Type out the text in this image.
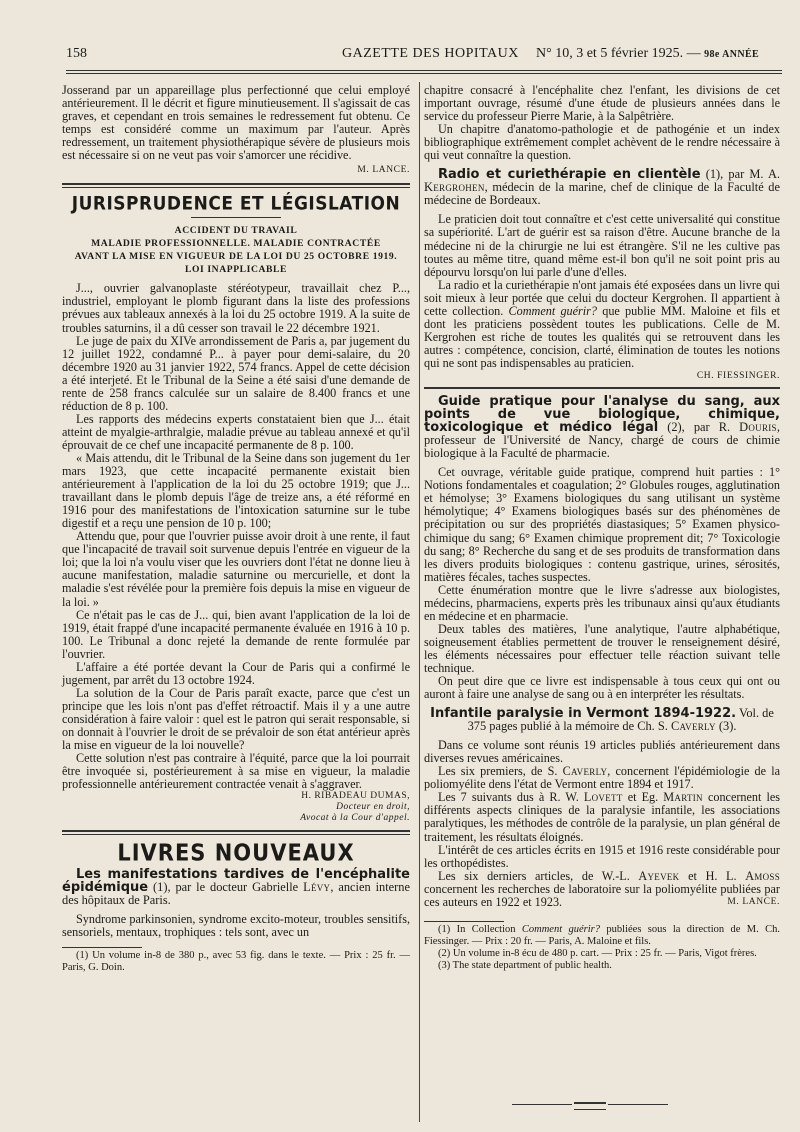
158	GAZETTE DES HOPITAUX N° 10, 3 et 5 février 1925. — 98e ANNÉE

Josserand par un appareillage plus perfectionné que celui employé antérieurement. Il le décrit et figure minutieusement. Il s'agissait de cas graves, et cependant en trois semaines le redressement fut obtenu. Ce temps est considéré comme un maximum par l'auteur. Après redressement, un traitement physiothérapique sévère de plusieurs mois est nécessaire si on ne veut pas voir s'amorcer une récidive.

M. LANCE.
JURISPRUDENCE ET LÉGISLATION
ACCIDENT DU TRAVAIL
MALADIE PROFESSIONNELLE. MALADIE CONTRACTÉE
AVANT LA MISE EN VIGUEUR DE LA LOI DU 25 OCTOBRE 1919.
LOI INAPPLICABLE

J..., ouvrier galvanoplaste stéréotypeur, travaillait chez P..., industriel, employant le plomb figurant dans la liste des professions prévues aux tableaux annexés à la loi du 25 octobre 1919. A la suite de troubles saturnins, il a dû cesser son travail le 22 décembre 1921.

Le juge de paix du XIVe arrondissement de Paris a, par jugement du 12 juillet 1922, condamné P... à payer pour demi-salaire, du 20 décembre 1920 au 31 janvier 1922, 574 francs. Appel de cette décision a été interjeté. Et le Tribunal de la Seine a été saisi d'une demande de rente de 258 francs calculée sur un salaire de 8.400 francs et une réduction de 8 p. 100.

Les rapports des médecins experts constataient bien que J... était atteint de myalgie-arthralgie, maladie prévue au tableau annexé et qu'il éprouvait de ce chef une incapacité permanente de 8 p. 100.

« Mais attendu, dit le Tribunal de la Seine dans son jugement du 1er mars 1923, que cette incapacité permanente existait bien antérieurement à l'application de la loi du 25 octobre 1919; que J... travaillant dans le plomb depuis l'âge de treize ans, a été réformé en 1916 pour des manifestations de l'intoxication saturnine sur le tube digestif et a reçu une pension de 10 p. 100;

Attendu que, pour que l'ouvrier puisse avoir droit à une rente, il faut que l'incapacité de travail soit survenue depuis l'entrée en vigueur de la loi; que la loi n'a voulu viser que les ouvriers dont l'état ne donne lieu à aucune manifestation, maladie saturnine ou mercurielle, et dont la maladie s'est révélée pour la première fois depuis la mise en vigueur de la loi. »

Ce n'était pas le cas de J... qui, bien avant l'application de la loi de 1919, était frappé d'une incapacité permanente évaluée en 1916 à 10 p. 100. Le Tribunal a donc rejeté la demande de rente formulée par l'ouvrier.

L'affaire a été portée devant la Cour de Paris qui a confirmé le jugement, par arrêt du 13 octobre 1924.

La solution de la Cour de Paris paraît exacte, parce que c'est un principe que les lois n'ont pas d'effet rétroactif. Mais il y a une autre considération à faire valoir : quel est le patron qui serait responsable, si on donnait à l'ouvrier le droit de se prévaloir de son état antérieur après la mise en vigueur de la loi nouvelle?

Cette solution n'est pas contraire à l'équité, parce que la loi pourrait être invoquée si, postérieurement à sa mise en vigueur, la maladie professionnelle antérieurement contractée venait à s'aggraver.

H. RIBADEAU DUMAS,
Docteur en droit,
Avocat à la Cour d'appel.
LIVRES NOUVEAUX

Les manifestations tardives de l'encéphalite épidémique (1), par le docteur Gabrielle Lévy, ancien interne des hôpitaux de Paris.

Syndrome parkinsonien, syndrome excito-moteur, troubles sensitifs, sensoriels, mentaux, trophiques : tels sont, avec un

(1) Un volume in-8 de 380 p., avec 53 fig. dans le texte. — Prix : 25 fr. — Paris, G. Doin.

chapitre consacré à l'encéphalite chez l'enfant, les divisions de cet important ouvrage, résumé d'une étude de plusieurs années dans le service du professeur Pierre Marie, à la Salpêtrière.

Un chapitre d'anatomo-pathologie et de pathogénie et un index bibliographique extrêmement complet achèvent de le rendre nécessaire à qui veut connaître la question.

Radio et curiethérapie en clientèle (1), par M. A. Kergrohen, médecin de la marine, chef de clinique de la Faculté de médecine de Bordeaux.

Le praticien doit tout connaître et c'est cette universalité qui constitue sa supériorité. L'art de guérir est sa raison d'être. Aucune branche de la médecine ni de la chirurgie ne lui est étrangère. S'il ne les cultive pas toutes au même titre, quand même est-il bon qu'il ne soit point pris au dépourvu lorsqu'on lui parle d'une d'elles.

La radio et la curiethérapie n'ont jamais été exposées dans un livre qui soit mieux à leur portée que celui du docteur Kergrohen. Il appartient à cette collection. Comment guérir? que publie MM. Maloine et fils et dont les praticiens possèdent toutes les publications. Celle de M. Kergrohen est riche de toutes les qualités qui se retrouvent dans les autres : compétence, concision, clarté, élimination de toutes les notions qui ne sont pas indispensables au praticien.

CH. FIESSINGER.

Guide pratique pour l'analyse du sang, aux points de vue biologique, chimique, toxicologique et médico légal (2), par R. Douris, professeur de l'Université de Nancy, chargé de cours de chimie biologique à la Faculté de pharmacie.

Cet ouvrage, véritable guide pratique, comprend huit parties : 1° Notions fondamentales et coagulation; 2° Globules rouges, agglutination et hémolyse; 3° Examens biologiques du sang utilisant un système hémolytique; 4° Examens biologiques basés sur des phénomènes de précipitation ou sur des propriétés diastasiques; 5° Examen physico-chimique du sang; 6° Examen chimique proprement dit; 7° Toxicologie du sang; 8° Recherche du sang et de ses produits de transformation dans les divers produits biologiques : contenu gastrique, urines, sérosités, matières fécales, taches suspectes.

Cette énumération montre que le livre s'adresse aux biologistes, médecins, pharmaciens, experts près les tribunaux ainsi qu'aux étudiants en médecine et en pharmacie.

Deux tables des matières, l'une analytique, l'autre alphabétique, soigneusement établies permettent de trouver le renseignement désiré, les éléments nécessaires pour effectuer telle réaction suivant telle technique.

On peut dire que ce livre est indispensable à tous ceux qui ont ou auront à faire une analyse de sang ou à en interpréter les résultats.

Infantile paralysie in Vermont 1894-1922. Vol. de 375 pages publié à la mémoire de Ch. S. Caverly (3).

Dans ce volume sont réunis 19 articles publiés antérieurement dans diverses revues américaines.

Les six premiers, de S. Caverly, concernent l'épidémiologie de la poliomyélite dens l'état de Vermont entre 1894 et 1917.

Les 7 suivants dus à R. W. Lovett et Eg. Martin concernent les différents aspects cliniques de la paralysie infantile, les associations paralytiques, les méthodes de contrôle de la paralysie, un plan général de traitement, les résultats éloignés.

L'intérêt de ces articles écrits en 1915 et 1916 reste considérable pour les orthopédistes.

Les six derniers articles, de W.-L. Ayevek et H. L. Amoss concernent les recherches de laboratoire sur la poliomyélite publiées par ces auteurs en 1922 et 1923.	M. LANCE.

(1) In Collection Comment guérir? publiées sous la direction de M. Ch. Fiessinger. — Prix : 20 fr. — Paris, A. Maloine et fils.

(2) Un volume in-8 écu de 480 p. cart. — Prix : 25 fr. — Paris, Vigot frères.

(3) The state department of public health.
